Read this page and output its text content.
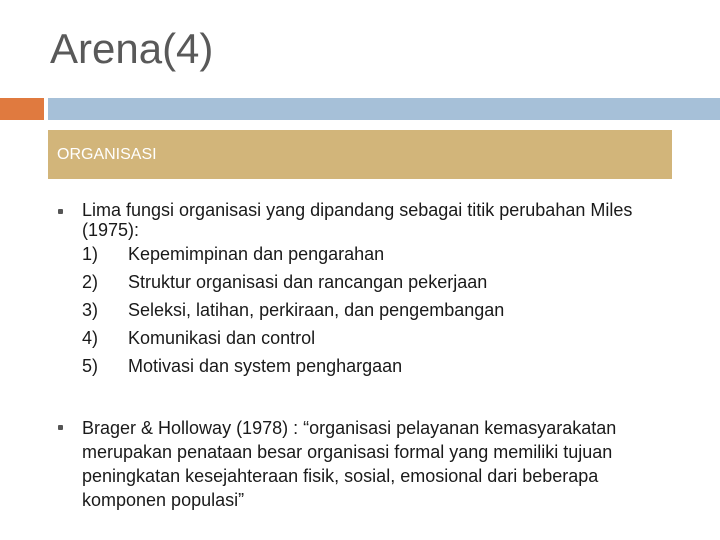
Arena(4)
ORGANISASI
Lima fungsi organisasi yang dipandang sebagai titik perubahan Miles (1975):
1) Kepemimpinan dan pengarahan
2) Struktur organisasi dan rancangan pekerjaan
3) Seleksi, latihan, perkiraan, dan pengembangan
4) Komunikasi dan control
5) Motivasi dan system penghargaan
Brager & Holloway (1978) : “organisasi pelayanan kemasyarakatan merupakan penataan besar organisasi formal yang memiliki tujuan peningkatan kesejahteraan fisik, sosial, emosional dari beberapa komponen populasi”
